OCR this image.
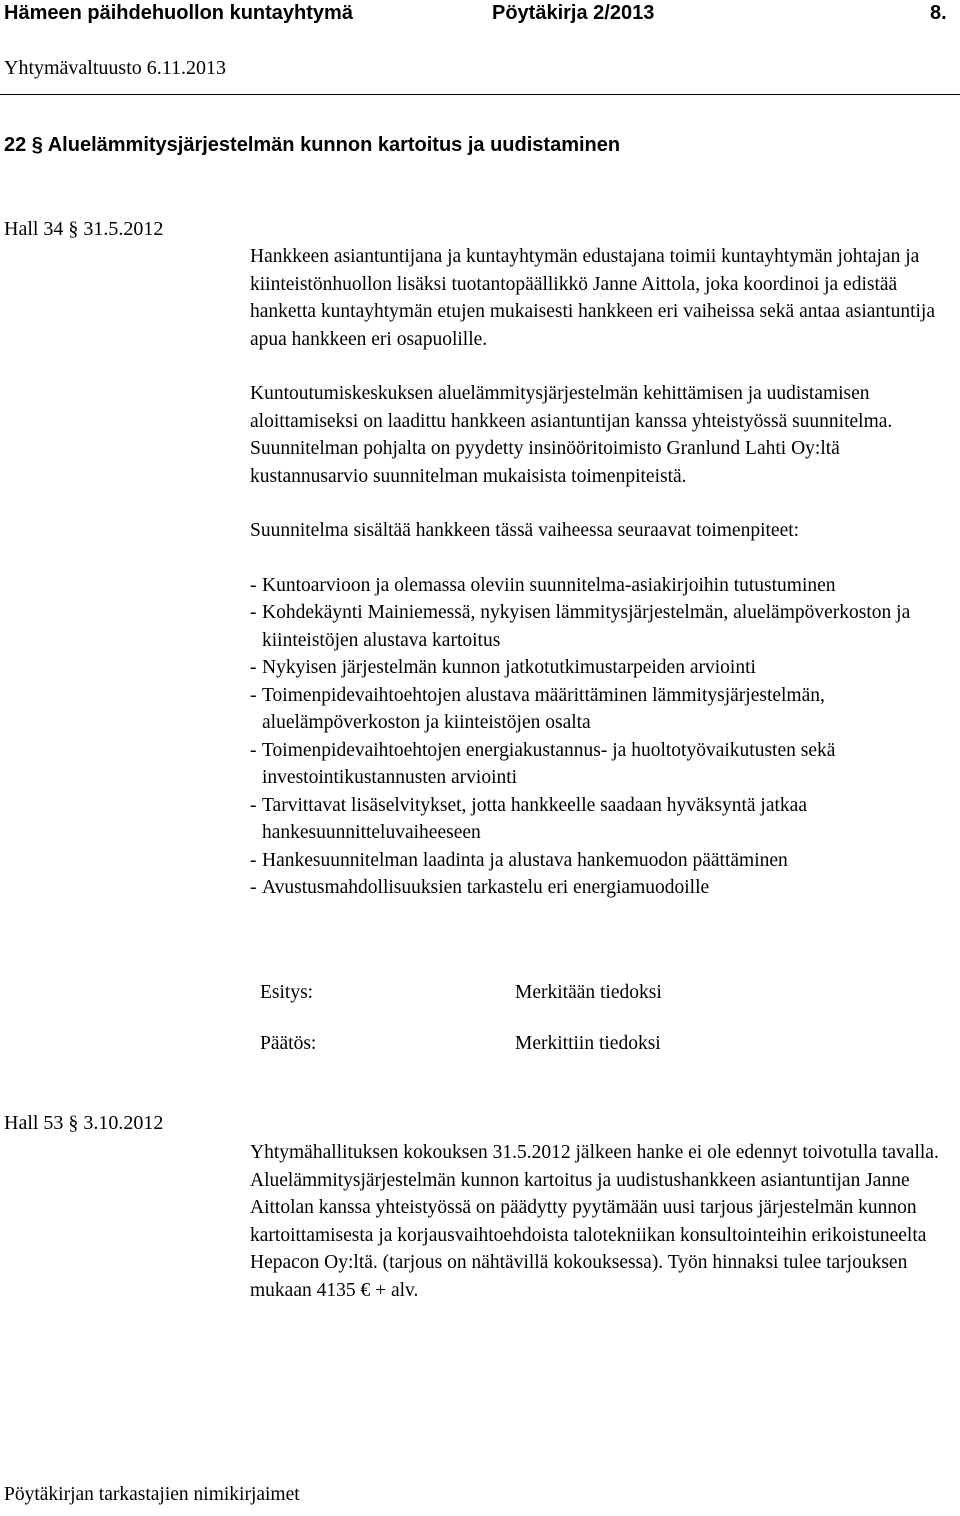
Hämeen päihdehuollon kuntayhtymä	Pöytäkirja 2/2013	8.
Yhtymävaltuusto 6.11.2013
22 § Aluelämmitysjärjestelmän kunnon kartoitus ja uudistaminen
Hall 34 § 31.5.2012

Hankkeen asiantuntijana ja kuntayhtymän edustajana toimii kuntayhtymän johtajan ja kiinteistönhuollon lisäksi tuotantopäällikkö Janne Aittola, joka koordinoi ja edistää hanketta kuntayhtymän etujen mukaisesti hankkeen eri vaiheissa sekä antaa asiantuntija apua hankkeen eri osapuolille.

Kuntoutumiskeskuksen aluelämmitysjärjestelmän kehittämisen ja uudistamisen aloittamiseksi on laadittu hankkeen asiantuntijan kanssa yhteistyössä suunnitelma. Suunnitelman pohjalta on pyydetty insinööritoimisto Granlund Lahti Oy:ltä kustannusarvio suunnitelman mukaisista toimenpiteistä.

Suunnitelma sisältää hankkeen tässä vaiheessa seuraavat toimenpiteet:

- Kuntoarvioon ja olemassa oleviin suunnitelma-asiakirjoihin tutustuminen
- Kohdekäynti Mainiemessä, nykyisen lämmitysjärjestelmän, aluelämpöverkoston ja kiinteistöjen alustava kartoitus
- Nykyisen järjestelmän kunnon jatkotutkimustarpeiden arviointi
- Toimenpidevaihtoehtojen alustava määrittäminen lämmitysjärjestelmän, aluelämpöverkoston ja kiinteistöjen osalta
- Toimenpidevaihtoehtojen energiakustannus- ja huoltotyövaikutusten sekä investointikustannusten arviointi
- Tarvittavat lisäselvitykset, jotta hankkeelle saadaan hyväksyntä jatkaa hankesuunnitteluvaiheeseen
- Hankesuunnitelman laadinta ja alustava hankemuodon päättäminen
- Avustusmahdollisuuksien tarkastelu eri energiamuodoille
Esitys:	Merkitään tiedoksi
Päätös:	Merkittiin tiedoksi
Hall 53 § 3.10.2012

Yhtymähallituksen kokouksen 31.5.2012 jälkeen hanke ei ole edennyt toivotulla tavalla. Aluelämmitysjärjestelmän kunnon kartoitus ja uudistushankkeen asiantuntijan Janne Aittolan kanssa yhteistyössä on päädytty pyytämään uusi tarjous järjestelmän kunnon kartoittamisesta ja korjausvaihtoehdoista talotekniikan konsultointeihin erikoistuneelta Hepacon Oy:ltä. (tarjous on nähtävillä kokouksessa). Työn hinnaksi tulee tarjouksen mukaan 4135 € + alv.

Pöytäkirjan tarkastajien nimikirjaimet
